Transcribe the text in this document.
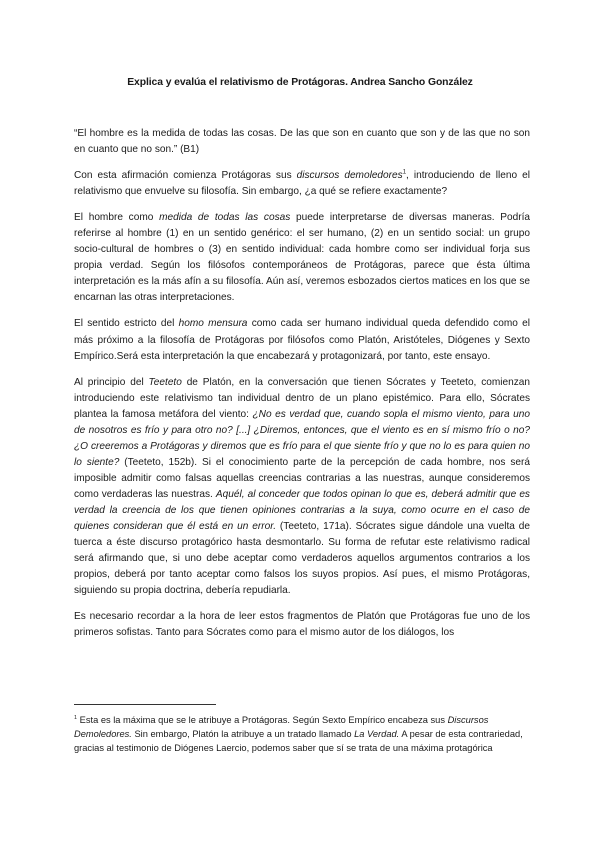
Explica y evalúa el relativismo de Protágoras. Andrea Sancho González

“El hombre es la medida de todas las cosas. De las que son en cuanto que son y de las que no son en cuanto que no son.” (B1)

Con esta afirmación comienza Protágoras sus discursos demoledores$^1$, introduciendo de lleno el relativismo que envuelve su filosofía. Sin embargo, ¿a qué se refiere exactamente?

El hombre como medida de todas las cosas puede interpretarse de diversas maneras. Podría referirse al hombre (1) en un sentido genérico: el ser humano, (2) en un sentido social: un grupo socio-cultural de hombres o (3) en sentido individual: cada hombre como ser individual forja sus propia verdad. Según los filósofos contemporáneos de Protágoras, parece que ésta última interpretación es la más afín a su filosofía. Aún así, veremos esbozados ciertos matices en los que se encarnan las otras interpretaciones.

El sentido estricto del homo mensura como cada ser humano individual queda defendido como el más próximo a la filosofía de Protágoras por filósofos como Platón, Aristóteles, Diógenes y Sexto Empírico.Será esta interpretación la que encabezará y protagonizará, por tanto, este ensayo.

Al principio del Teeteto de Platón, en la conversación que tienen Sócrates y Teeteto, comienzan introduciendo este relativismo tan individual dentro de un plano epistémico. Para ello, Sócrates plantea la famosa metáfora del viento: ¿No es verdad que, cuando sopla el mismo viento, para uno de nosotros es frío y para otro no? [...] ¿Diremos, entonces, que el viento es en sí mismo frío o no? ¿O creeremos a Protágoras y diremos que es frío para el que siente frío y que no lo es para quien no lo siente? (Teeteto, 152b). Si el conocimiento parte de la percepción de cada hombre, nos será imposible admitir como falsas aquellas creencias contrarias a las nuestras, aunque consideremos como verdaderas las nuestras. Aquél, al conceder que todos opinan lo que es, deberá admitir que es verdad la creencia de los que tienen opiniones contrarias a la suya, como ocurre en el caso de quienes consideran que él está en un error. (Teeteto, 171a). Sócrates sigue dándole una vuelta de tuerca a éste discurso protagórico hasta desmontarlo. Su forma de refutar este relativismo radical será afirmando que, si uno debe aceptar como verdaderos aquellos argumentos contrarios a los propios, deberá por tanto aceptar como falsos los suyos propios. Así pues, el mismo Protágoras, siguiendo su propia doctrina, debería repudiarla.

Es necesario recordar a la hora de leer estos fragmentos de Platón que Protágoras fue uno de los primeros sofistas. Tanto para Sócrates como para el mismo autor de los diálogos, los

$^1$ Esta es la máxima que se le atribuye a Protágoras. Según Sexto Empírico encabeza sus Discursos Demoledores. Sin embargo, Platón la atribuye a un tratado llamado La Verdad. A pesar de esta contrariedad, gracias al testimonio de Diógenes Laercio, podemos saber que sí se trata de una máxima protagórica
